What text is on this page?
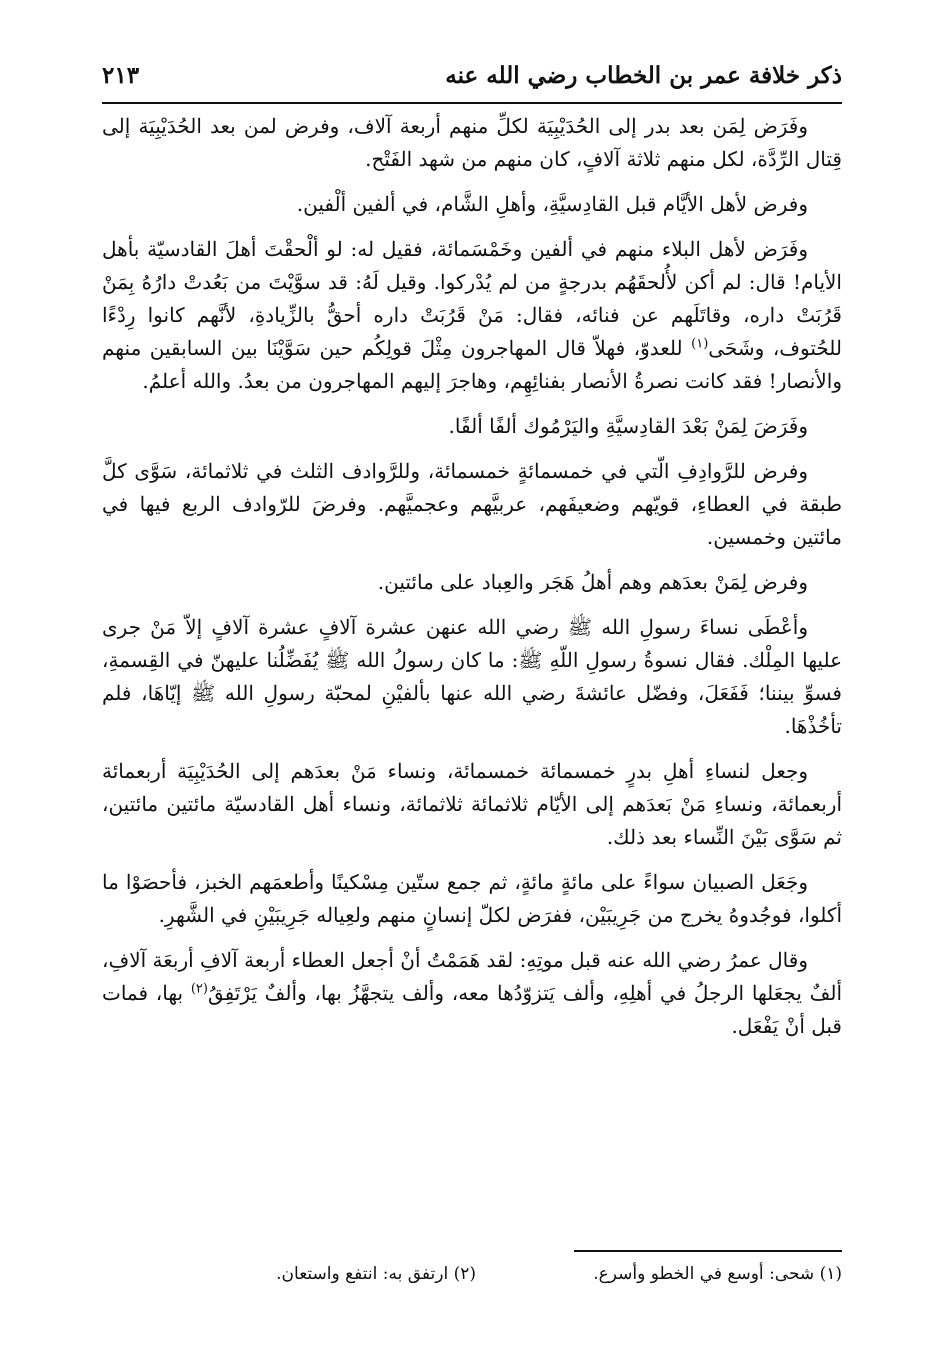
ذكر خلافة عمر بن الخطاب رضي الله عنه
٢١٣

وفَرَض لِمَن بعد بدر إلى الحُدَيْبِيَة لكلِّ منهم أربعة آلاف، وفرض لمن بعد الحُدَيْبِيَة إلى قِتال الرِّدَّة، لكل منهم ثلاثة آلافٍ، كان منهم من شهد الفَتْح.

وفرض لأهل الأيَّام قبل القادِسيَّةِ، وأهلِ الشَّام، في ألفين ألْفين.

وفَرَض لأهل البلاء منهم في ألفين وخَمْسَمائة، فقيل له: لو ألْحقْتَ أهلَ القادسيّة بأهل الأيام! قال: لم أكن لأُلحقَهُم بدرجةٍ من لم يُدْركوا. وقيل لَهُ: قد سوَّيْتَ من بَعُدتْ دارُهُ بِمَنْ قَرُبَتْ داره، وقاتَلَهم عن فنائه، فقال: مَنْ قَرُبَتْ داره أحقُّ بالزِّيادةِ، لأنَّهم كانوا رِدْءًا للحُتوف، وشَحَى$^{(١)}$ للعدوّ، فهلاّ قال المهاجرون مِثْلَ قولِكُم حين سَوَّيْنَا بين السابقين منهم والأنصار! فقد كانت نصرةُ الأنصار بفنائِهِم، وهاجرَ إليهم المهاجرون من بعدُ. والله أعلمُ.

وفَرَضَ لِمَنْ بَعْدَ القادِسيَّةِ واليَرْمُوك ألفًا ألفًا.

وفرض للرَّوادِفِ الّتي في خمسمائةٍ خمسمائة، وللرَّوادف الثلث في ثلاثمائة، سَوَّى كلَّ طبقة في العطاءِ، قويّهم وضعيفَهم، عربيَّهم وعجميَّهم. وفرضَ للرّوادف الربع فيها في مائتين وخمسين.

وفرض لِمَنْ بعدَهم وهم أهلُ هَجَر والعِباد على مائتين.

وأعْطَى نساءَ رسولِ الله ﷺ رضي الله عنهن عشرة آلافٍ عشرة آلافٍ إلاّ مَنْ جرى عليها المِلْك. فقال نسوةُ رسولِ اللّهِ ﷺ: ما كان رسولُ الله ﷺ يُفَضِّلُنا عليهنّ في القِسمةِ، فسوِّ بيننا؛ فَفَعَلَ، وفضّل عائشةَ رضي الله عنها بألفيْنِ لمحبّة رسولِ الله ﷺ إيّاهَا، فلم تأخُذْهَا.

وجعل لنساءِ أهلِ بدرٍ خمسمائة خمسمائة، ونساء مَنْ بعدَهم إلى الحُدَيْبِيَة أربعمائة أربعمائة، ونساءِ مَنْ بَعدَهم إلى الأيّام ثلاثمائة ثلاثمائة، ونساء أهل القادسيّة مائتين مائتين، ثم سَوَّى بَيْنَ النِّساء بعد ذلك.

وجَعَل الصبيان سواءً على مائةٍ مائةٍ، ثم جمع ستّين مِسْكينًا وأطعمَهم الخبز، فأحصَوْا ما أكلوا، فوجُدوهُ يخرج من جَرِيبَيْن، ففرَض لكلّ إنسانٍ منهم ولعِياله جَرِيبَيْنِ في الشَّهرِ.

وقال عمرُ رضي الله عنه قبل موتِهِ: لقد هَمَمْتُ أنْ أجعل العطاء أربعة آلافِ أربعَة آلافِ، ألفٌ يجعَلها الرجلُ في أهلِهِ، وألف يَتزوّدُها معه، وألف يتجهَّزُ بها، وألفٌ يَرْتَفِقُ$^{(٢)}$ بها، فمات قبل أنْ يَفْعَل.

(١) شحى: أوسع في الخطو وأسرع.
(٢) ارتفق به: انتفع واستعان.
